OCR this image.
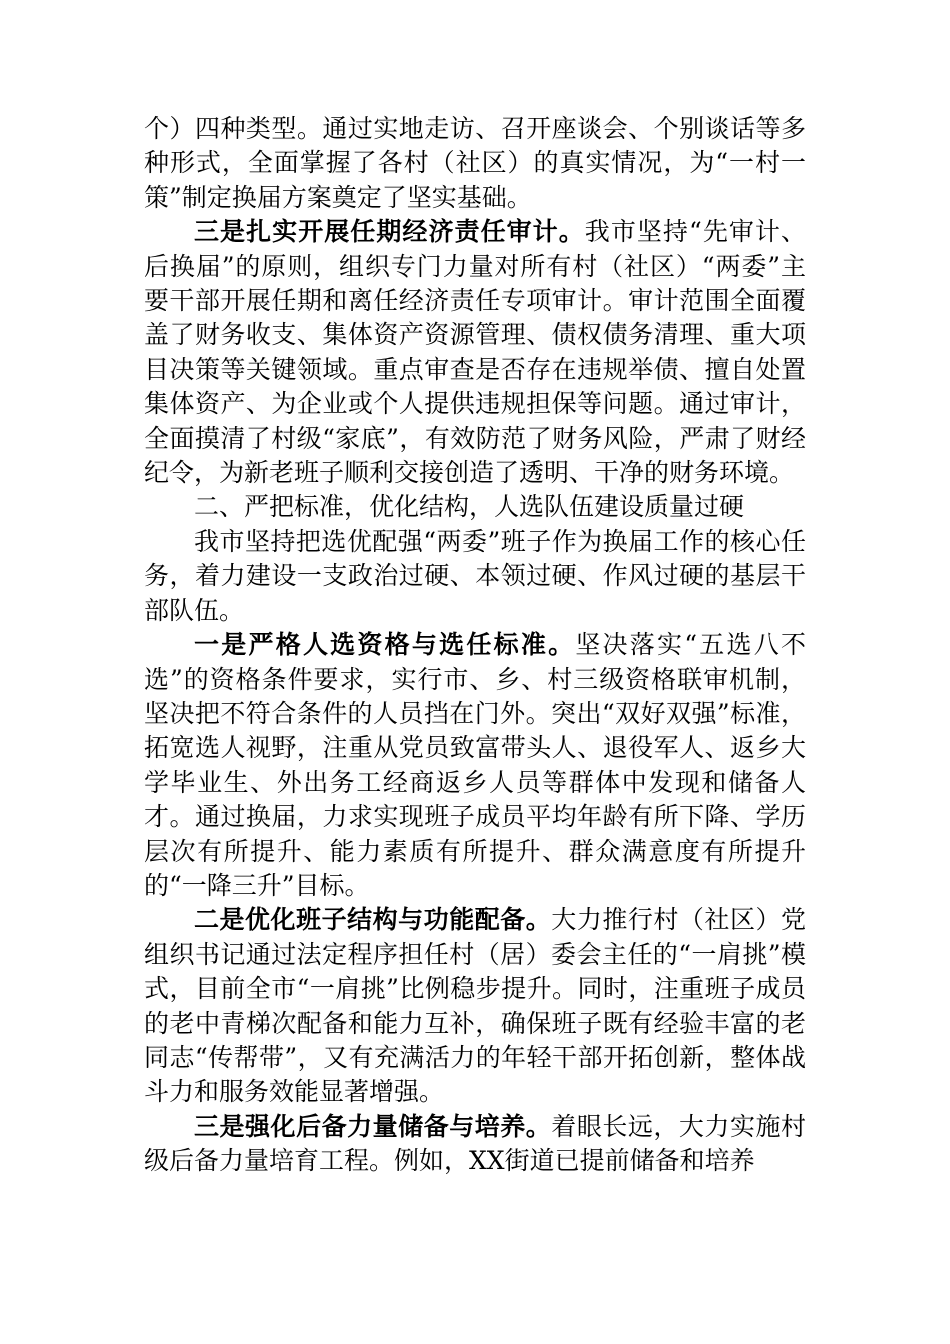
个）四种类型。通过实地走访、召开座谈会、个别谈话等多种形式，全面掌握了各村（社区）的真实情况，为“一村一策”制定换届方案奠定了坚实基础。

三是扎实开展任期经济责任审计。我市坚持“先审计、后换届”的原则，组织专门力量对所有村（社区）“两委”主要干部开展任期和离任经济责任专项审计。审计范围全面覆盖了财务收支、集体资产资源管理、债权债务清理、重大项目决策等关键领域。重点审查是否存在违规举债、擅自处置集体资产、为企业或个人提供违规担保等问题。通过审计，全面摸清了村级“家底”，有效防范了财务风险，严肃了财经纪令，为新老班子顺利交接创造了透明、干净的财务环境。

二、严把标准，优化结构，人选队伍建设质量过硬

我市坚持把选优配强“两委”班子作为换届工作的核心任务，着力建设一支政治过硬、本领过硬、作风过硬的基层干部队伍。

一是严格人选资格与选任标准。坚决落实“五选八不选”的资格条件要求，实行市、乡、村三级资格联审机制，坚决把不符合条件的人员挡在门外。突出“双好双强”标准，拓宽选人视野，注重从党员致富带头人、退役军人、返乡大学毕业生、外出务工经商返乡人员等群体中发现和储备人才。通过换届，力求实现班子成员平均年龄有所下降、学历层次有所提升、能力素质有所提升、群众满意度有所提升的“一降三升”目标。

二是优化班子结构与功能配备。大力推行村（社区）党组织书记通过法定程序担任村（居）委会主任的“一肩挑”模式，目前全市“一肩挑”比例稳步提升。同时，注重班子成员的老中青梯次配备和能力互补，确保班子既有经验丰富的老同志“传帮带”，又有充满活力的年轻干部开拓创新，整体战斗力和服务效能显著增强。

三是强化后备力量储备与培养。着眼长远，大力实施村级后备力量培育工程。例如，XX街道已提前储备和培养
